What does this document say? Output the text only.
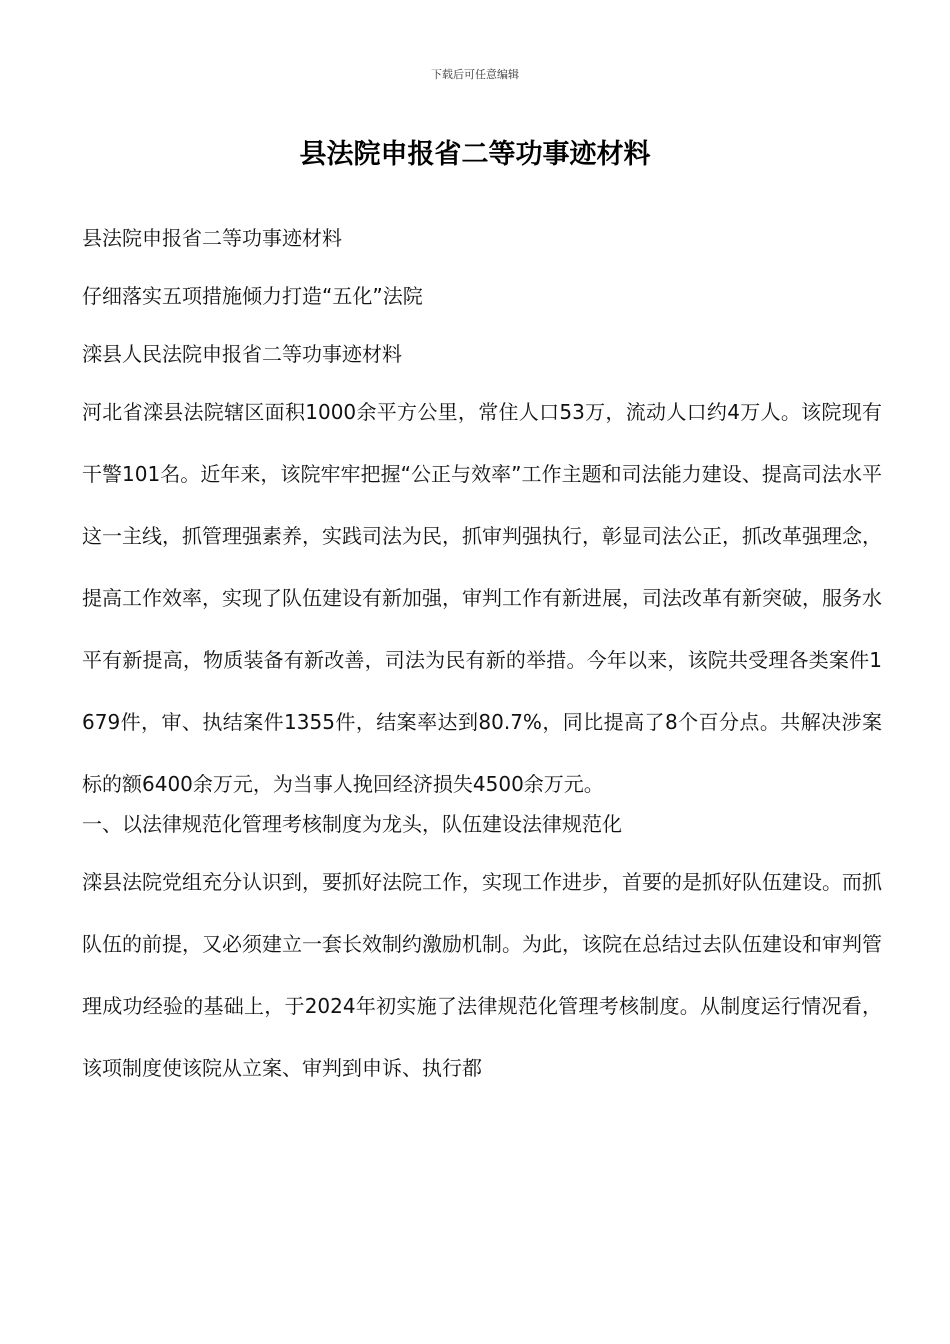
下载后可任意编辑
县法院申报省二等功事迹材料
县法院申报省二等功事迹材料
仔细落实五项措施倾力打造“五化”法院
滦县人民法院申报省二等功事迹材料
河北省滦县法院辖区面积1000余平方公里，常住人口53万，流动人口约4万人。该院现有干警101名。近年来，该院牢牢把握“公正与效率”工作主题和司法能力建设、提高司法水平这一主线，抓管理强素养，实践司法为民，抓审判强执行，彰显司法公正，抓改革强理念，提高工作效率，实现了队伍建设有新加强，审判工作有新进展，司法改革有新突破，服务水平有新提高，物质装备有新改善，司法为民有新的举措。今年以来，该院共受理各类案件1679件，审、执结案件1355件，结案率达到80.7%，同比提高了8个百分点。共解决涉案标的额6400余万元，为当事人挽回经济损失4500余万元。
一、以法律规范化管理考核制度为龙头，队伍建设法律规范化
滦县法院党组充分认识到，要抓好法院工作，实现工作进步，首要的是抓好队伍建设。而抓队伍的前提，又必须建立一套长效制约激励机制。为此，该院在总结过去队伍建设和审判管理成功经验的基础上，于2024年初实施了法律规范化管理考核制度。从制度运行情况看，该项制度使该院从立案、审判到申诉、执行都
